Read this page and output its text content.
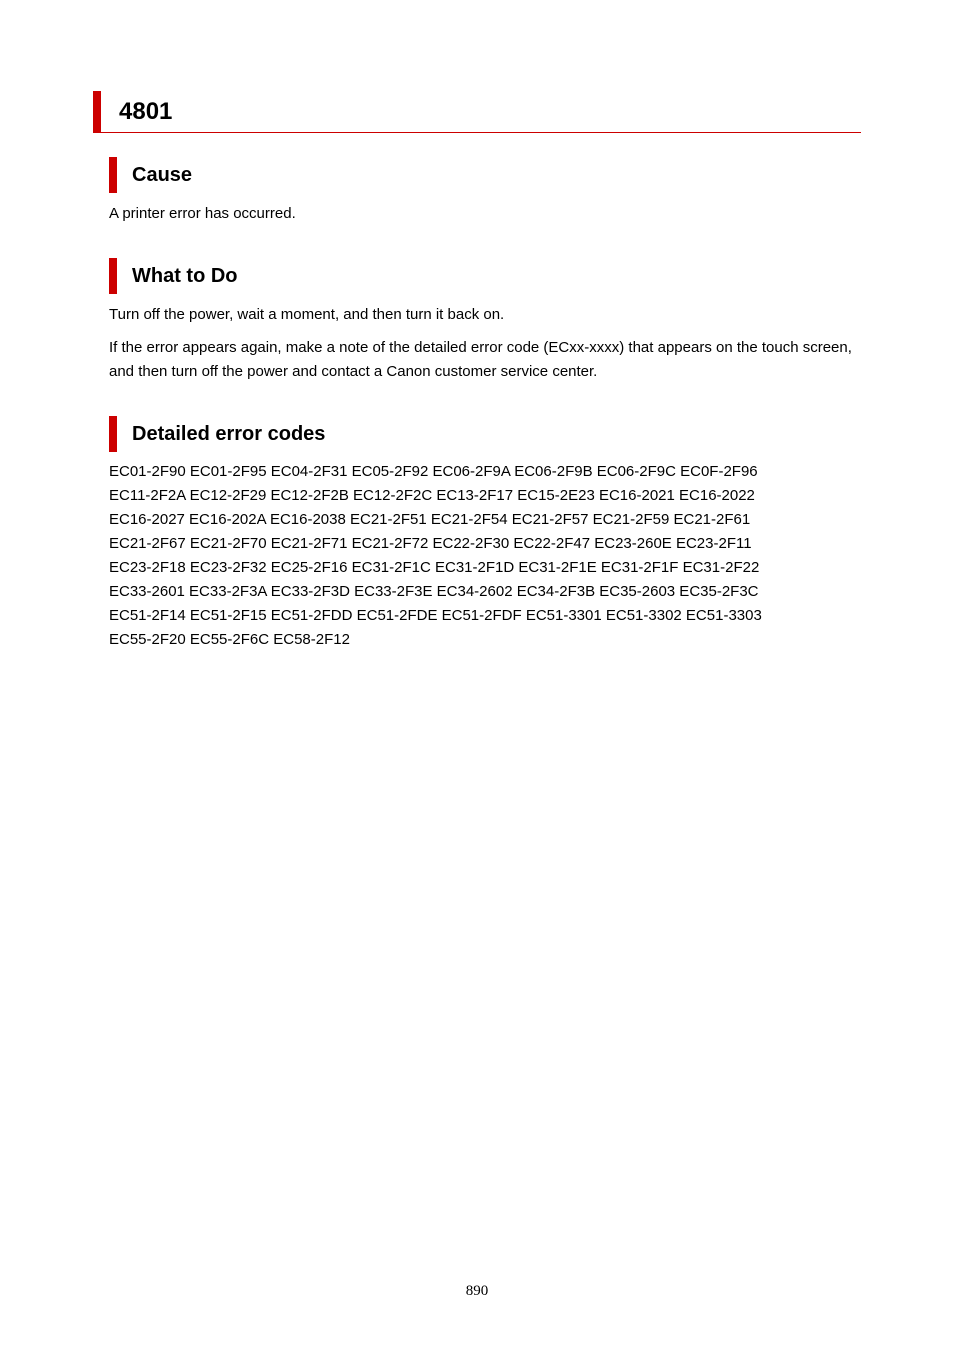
4801
Cause

A printer error has occurred.

What to Do

Turn off the power, wait a moment, and then turn it back on.

If the error appears again, make a note of the detailed error code (ECxx-xxxx) that appears on the touch screen, and then turn off the power and contact a Canon customer service center.

Detailed error codes
EC01-2F90 EC01-2F95 EC04-2F31 EC05-2F92 EC06-2F9A EC06-2F9B EC06-2F9C EC0F-2F96
EC11-2F2A EC12-2F29 EC12-2F2B EC12-2F2C EC13-2F17 EC15-2E23 EC16-2021 EC16-2022
EC16-2027 EC16-202A EC16-2038 EC21-2F51 EC21-2F54 EC21-2F57 EC21-2F59 EC21-2F61
EC21-2F67 EC21-2F70 EC21-2F71 EC21-2F72 EC22-2F30 EC22-2F47 EC23-260E EC23-2F11
EC23-2F18 EC23-2F32 EC25-2F16 EC31-2F1C EC31-2F1D EC31-2F1E EC31-2F1F EC31-2F22
EC33-2601 EC33-2F3A EC33-2F3D EC33-2F3E EC34-2602 EC34-2F3B EC35-2603 EC35-2F3C
EC51-2F14 EC51-2F15 EC51-2FDD EC51-2FDE EC51-2FDF EC51-3301 EC51-3302 EC51-3303
EC55-2F20 EC55-2F6C EC58-2F12
890
